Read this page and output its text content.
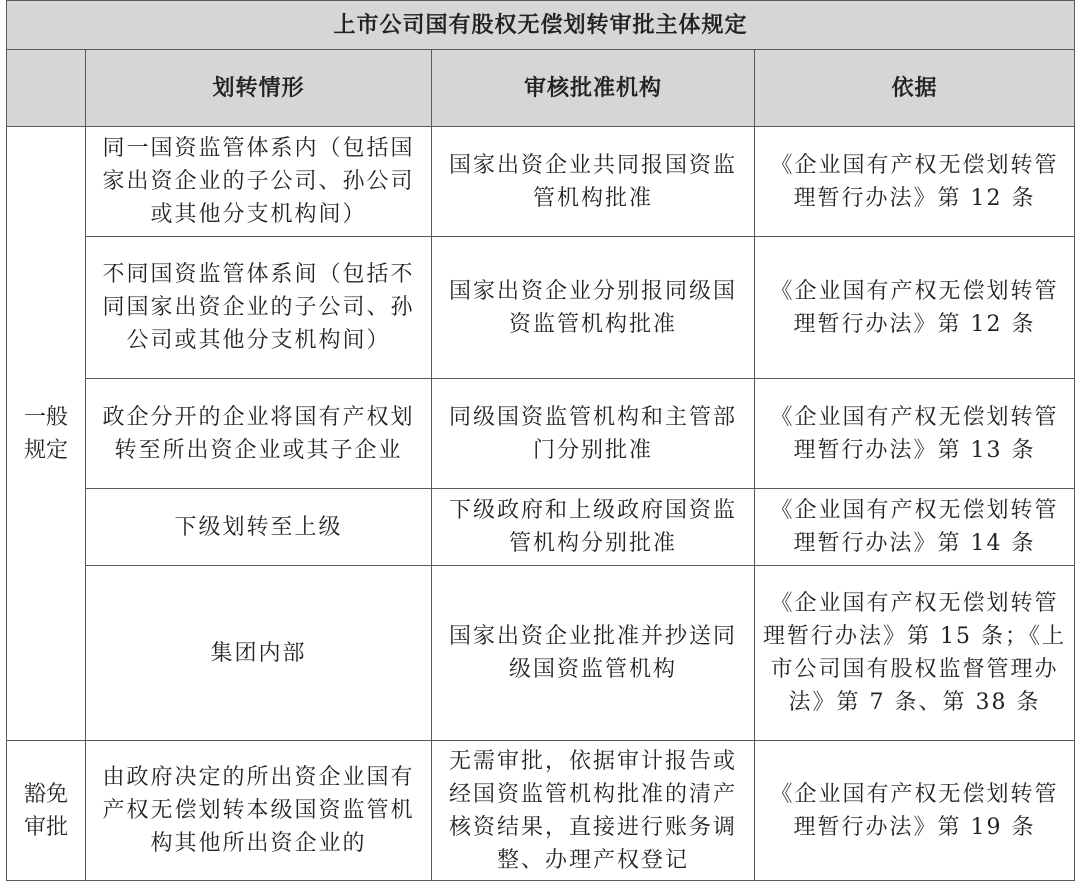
上市公司国有股权无偿划转审批主体规定			
	划转情形	审核批准机构	依据
一般规定	同一国资监管体系内（包括国家出资企业的子公司、孙公司或其他分支机构间）	国家出资企业共同报国资监管机构批准	《企业国有产权无偿划转管理暂行办法》第 12 条
	不同国资监管体系间（包括不同国家出资企业的子公司、孙公司或其他分支机构间）	国家出资企业分别报同级国资监管机构批准	《企业国有产权无偿划转管理暂行办法》第 12 条
	政企分开的企业将国有产权划转至所出资企业或其子企业	同级国资监管机构和主管部门分别批准	《企业国有产权无偿划转管理暂行办法》第 13 条
	下级划转至上级	下级政府和上级政府国资监管机构分别批准	《企业国有产权无偿划转管理暂行办法》第 14 条
	集团内部	国家出资企业批准并抄送同级国资监管机构	《企业国有产权无偿划转管理暂行办法》第 15 条；《上市公司国有股权监督管理办法》第 7 条、第 38 条
豁免审批	由政府决定的所出资企业国有产权无偿划转本级国资监管机构其他所出资企业的	无需审批，依据审计报告或经国资监管机构批准的清产核资结果，直接进行账务调整、办理产权登记	《企业国有产权无偿划转管理暂行办法》第 19 条
